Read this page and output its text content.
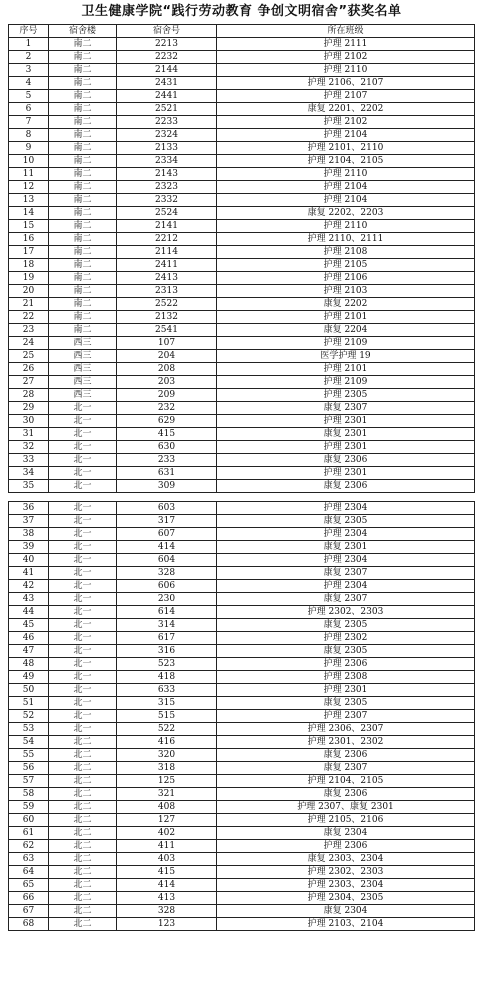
卫生健康学院“践行劳动教育 争创文明宿舍”获奖名单
序号	宿舍楼	宿舍号	所在班级
1	南二	2213	护理 2111
2	南二	2232	护理 2102
3	南二	2144	护理 2110
4	南二	2431	护理 2106、2107
5	南二	2441	护理 2107
6	南二	2521	康复 2201、2202
7	南二	2233	护理 2102
8	南二	2324	护理 2104
9	南二	2133	护理 2101、2110
10	南二	2334	护理 2104、2105
11	南二	2143	护理 2110
12	南二	2323	护理 2104
13	南二	2332	护理 2104
14	南二	2524	康复 2202、2203
15	南二	2141	护理 2110
16	南二	2212	护理 2110、2111
17	南二	2114	护理 2108
18	南二	2411	护理 2105
19	南二	2413	护理 2106
20	南二	2313	护理 2103
21	南二	2522	康复 2202
22	南二	2132	护理 2101
23	南二	2541	康复 2204
24	西三	107	护理 2109
25	西三	204	医学护理 19
26	西三	208	护理 2101
27	西三	203	护理 2109
28	西三	209	护理 2305
29	北一	232	康复 2307
30	北一	629	护理 2301
31	北一	415	康复 2301
32	北一	630	护理 2301
33	北一	233	康复 2306
34	北一	631	护理 2301
35	北一	309	康复 2306
36	北一	603	护理 2304
37	北一	317	康复 2305
38	北一	607	护理 2304
39	北一	414	康复 2301
40	北一	604	护理 2304
41	北一	328	康复 2307
42	北一	606	护理 2304
43	北一	230	康复 2307
44	北一	614	护理 2302、2303
45	北一	314	康复 2305
46	北一	617	护理 2302
47	北一	316	康复 2305
48	北一	523	护理 2306
49	北一	418	护理 2308
50	北一	633	护理 2301
51	北一	315	康复 2305
52	北一	515	护理 2307
53	北一	522	护理 2306、2307
54	北二	416	护理 2301、2302
55	北二	320	康复 2306
56	北二	318	康复 2307
57	北二	125	护理 2104、2105
58	北二	321	康复 2306
59	北二	408	护理 2307、康复 2301
60	北二	127	护理 2105、2106
61	北二	402	康复 2304
62	北二	411	护理 2306
63	北二	403	康复 2303、2304
64	北二	415	护理 2302、2303
65	北二	414	护理 2303、2304
66	北二	413	护理 2304、2305
67	北二	328	康复 2304
68	北二	123	护理 2103、2104
